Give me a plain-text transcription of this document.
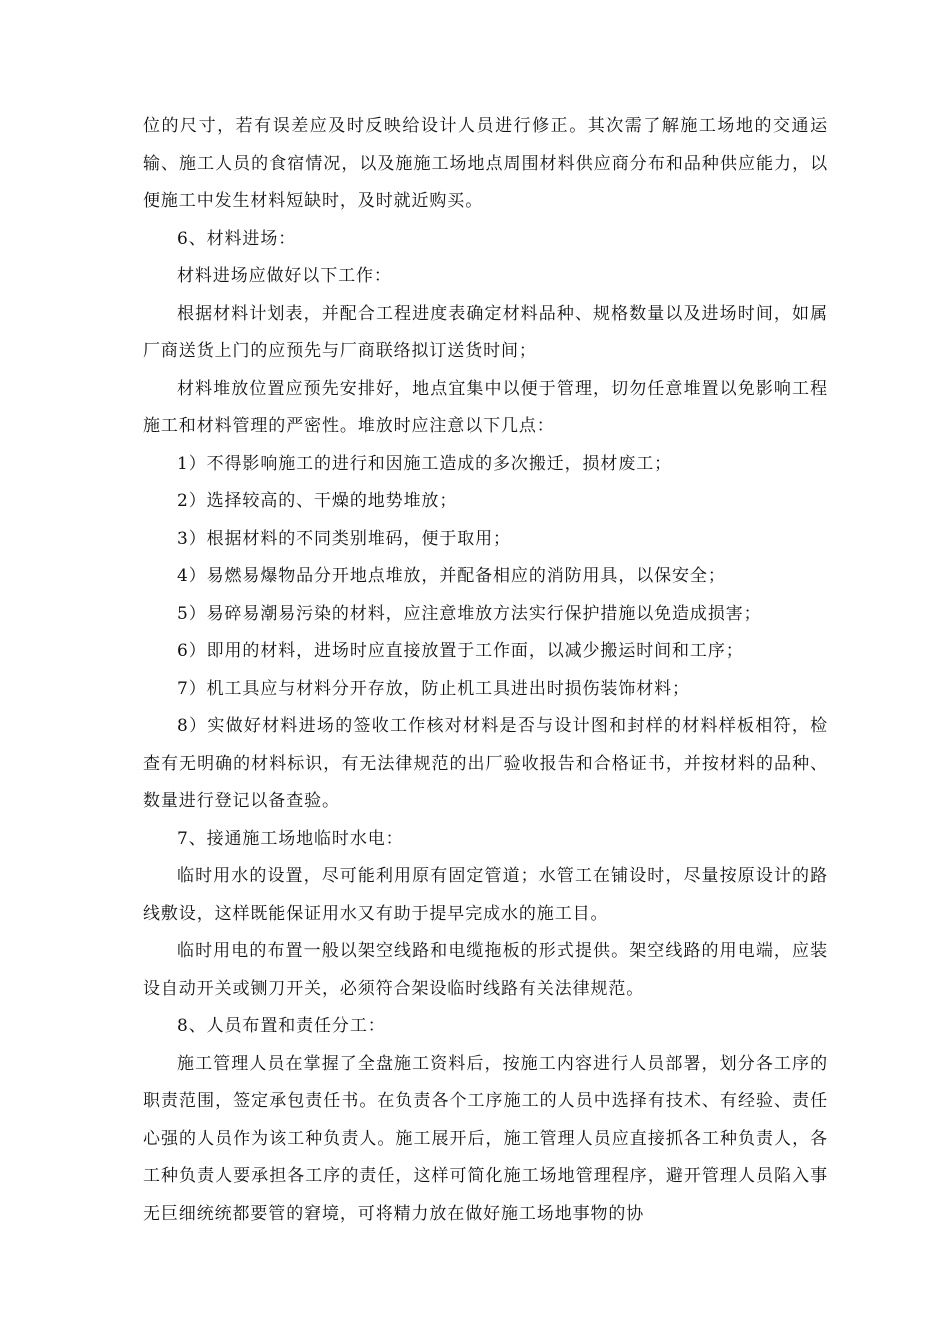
位的尺寸，若有误差应及时反映给设计人员进行修正。其次需了解施工场地的交通运输、施工人员的食宿情况，以及施施工场地点周围材料供应商分布和品种供应能力，以便施工中发生材料短缺时，及时就近购买。

6、材料进场：

材料进场应做好以下工作：

根据材料计划表，并配合工程进度表确定材料品种、规格数量以及进场时间，如属厂商送货上门的应预先与厂商联络拟订送货时间；

材料堆放位置应预先安排好，地点宜集中以便于管理，切勿任意堆置以免影响工程施工和材料管理的严密性。堆放时应注意以下几点：

1）不得影响施工的进行和因施工造成的多次搬迁，损材废工；

2）选择较高的、干燥的地势堆放；

3）根据材料的不同类别堆码，便于取用；

4）易燃易爆物品分开地点堆放，并配备相应的消防用具，以保安全；

5）易碎易潮易污染的材料，应注意堆放方法实行保护措施以免造成损害；

6）即用的材料，进场时应直接放置于工作面，以减少搬运时间和工序；

7）机工具应与材料分开存放，防止机工具进出时损伤装饰材料；

8）实做好材料进场的签收工作核对材料是否与设计图和封样的材料样板相符，检查有无明确的材料标识，有无法律规范的出厂验收报告和合格证书，并按材料的品种、数量进行登记以备查验。

7、接通施工场地临时水电：

临时用水的设置，尽可能利用原有固定管道；水管工在铺设时，尽量按原设计的路线敷设，这样既能保证用水又有助于提早完成水的施工目。

临时用电的布置一般以架空线路和电缆拖板的形式提供。架空线路的用电端，应装设自动开关或铡刀开关，必须符合架设临时线路有关法律规范。

8、人员布置和责任分工：

施工管理人员在掌握了全盘施工资料后，按施工内容进行人员部署，划分各工序的职责范围，签定承包责任书。在负责各个工序施工的人员中选择有技术、有经验、责任心强的人员作为该工种负责人。施工展开后，施工管理人员应直接抓各工种负责人，各工种负责人要承担各工序的责任，这样可简化施工场地管理程序，避开管理人员陷入事无巨细统统都要管的窘境，可将精力放在做好施工场地事物的协
